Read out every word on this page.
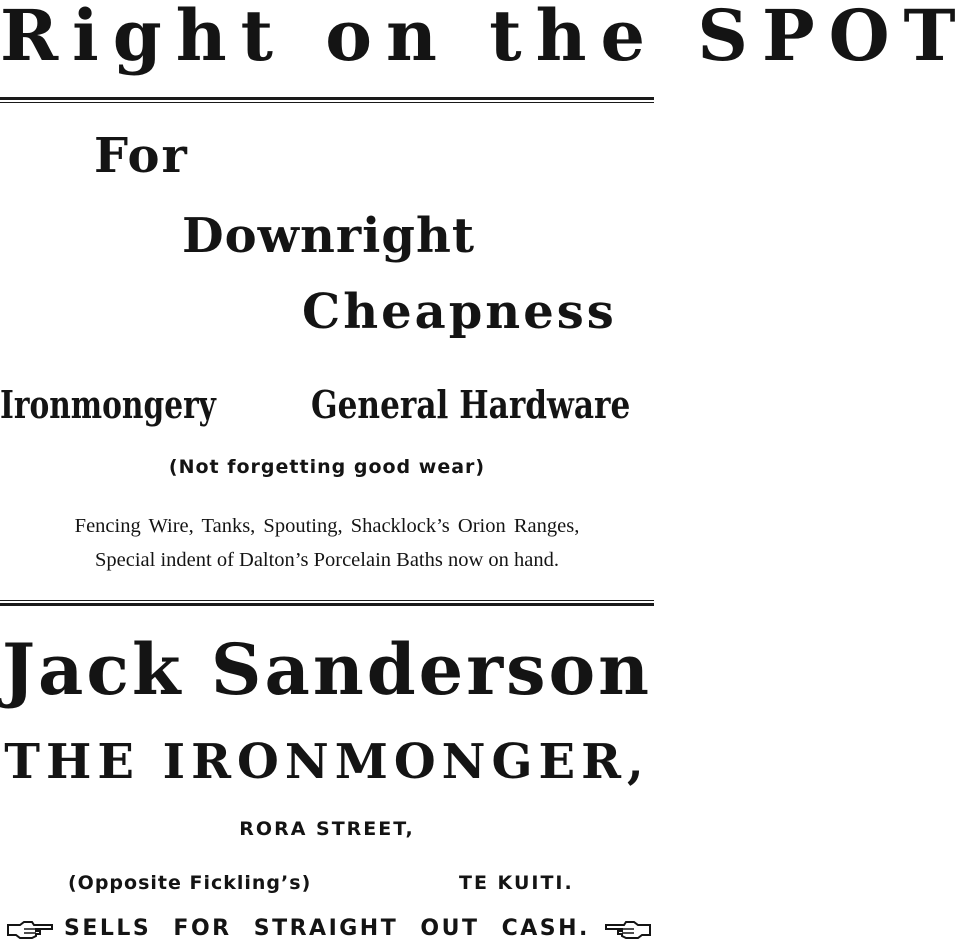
Right on the SPOT
For
Downright
Cheapness
Ironmongery	General Hardware
(Not forgetting good wear)
Fencing Wire, Tanks, Spouting, Shacklock’s Orion Ranges,
Special indent of Dalton’s Porcelain Baths now on hand.
Jack Sanderson
THE IRONMONGER,
RORA STREET,
(Opposite Fickling’s)	TE KUITI.
SELLS FOR STRAIGHT OUT CASH.
